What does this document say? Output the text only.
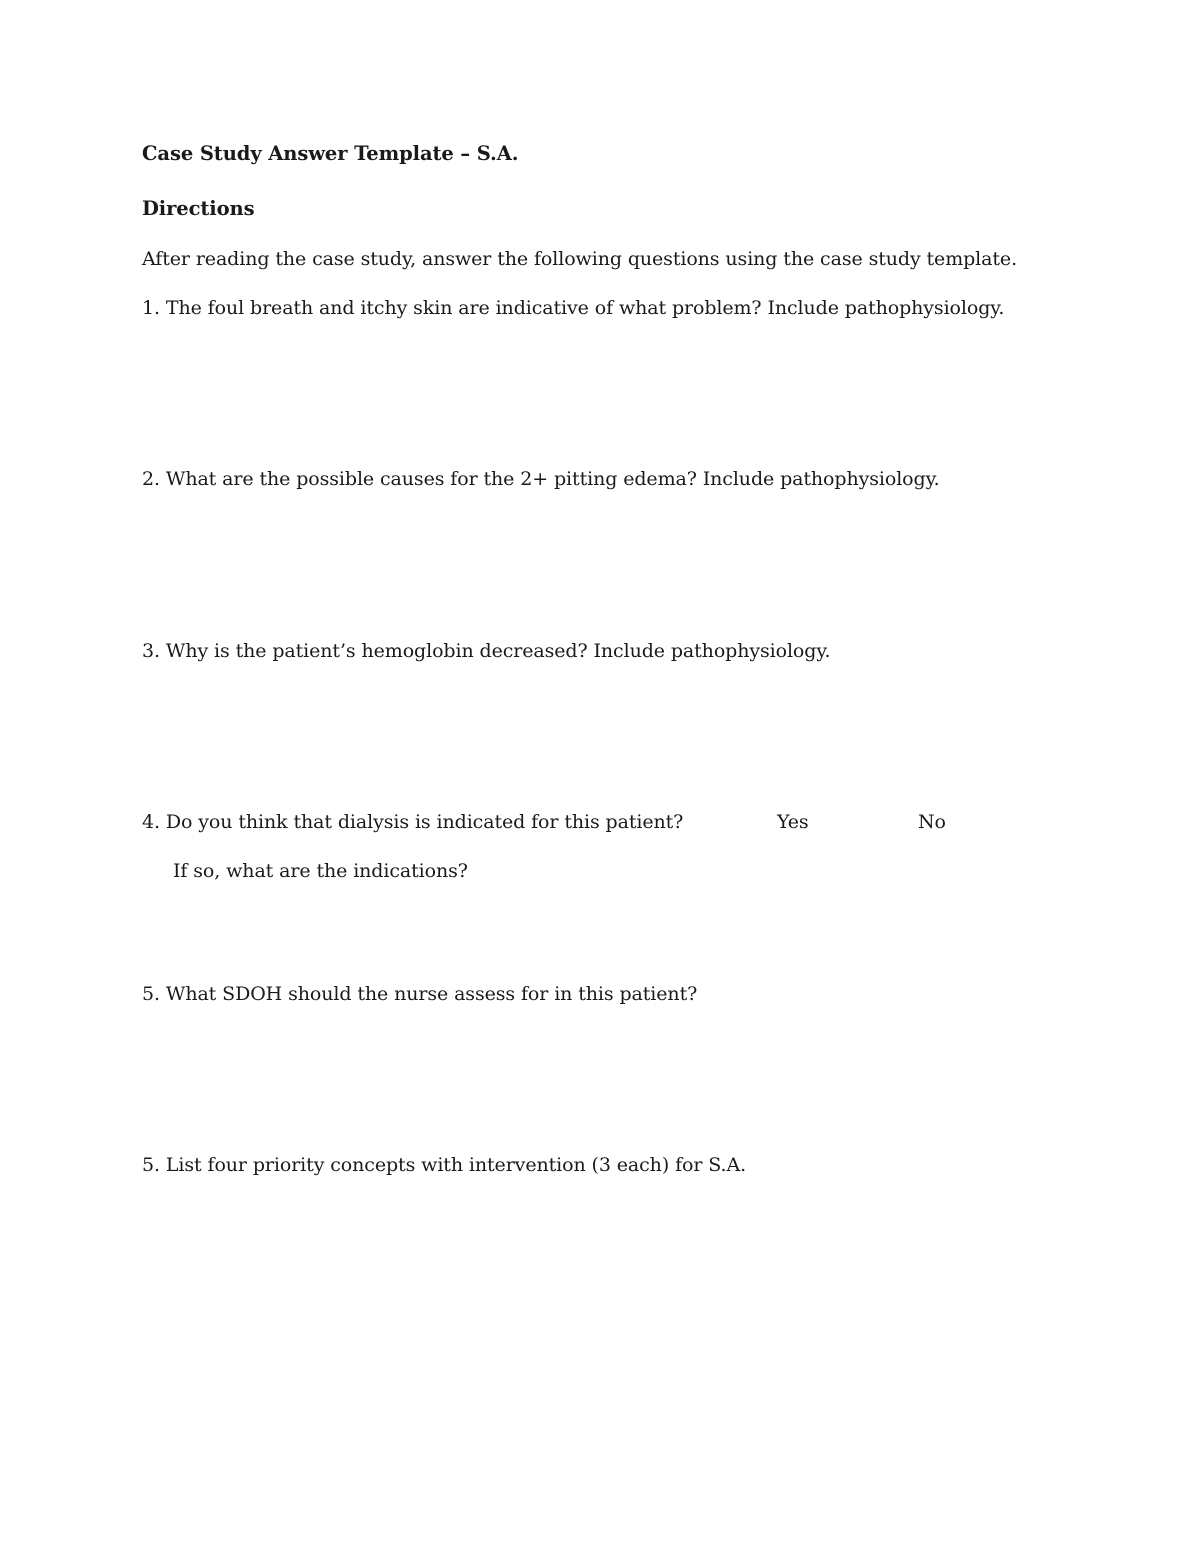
Case Study Answer Template – S.A.
Directions
After reading the case study, answer the following questions using the case study template.
1. The foul breath and itchy skin are indicative of what problem? Include pathophysiology.
2. What are the possible causes for the 2+ pitting edema? Include pathophysiology.
3. Why is the patient’s hemoglobin decreased? Include pathophysiology.
4. Do you think that dialysis is indicated for this patient?	Yes	No
If so, what are the indications?
5. What SDOH should the nurse assess for in this patient?
5. List four priority concepts with intervention (3 each) for S.A.
